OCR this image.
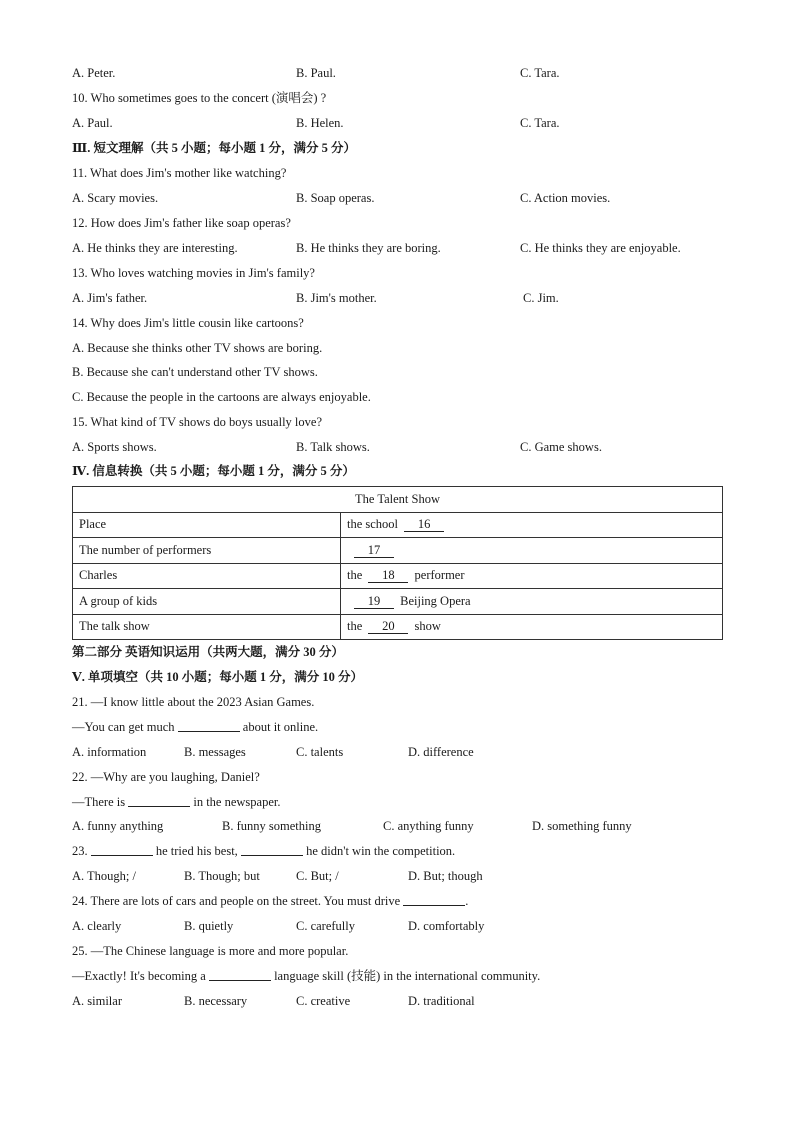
A. Peter.	B. Paul.	C. Tara.
10. Who sometimes goes to the concert (演唱会) ?
A. Paul.	B. Helen.	C. Tara.
Ⅲ. 短文理解（共 5 小题；每小题 1 分，满分 5 分）
11. What does Jim's mother like watching?
A. Scary movies.	B. Soap operas.	C. Action movies.
12. How does Jim's father like soap operas?
A. He thinks they are interesting.	B. He thinks they are boring.	C. He thinks they are enjoyable.
13. Who loves watching movies in Jim's family?
A. Jim's father.	B. Jim's mother.	C. Jim.
14. Why does Jim's little cousin like cartoons?
A. Because she thinks other TV shows are boring.
B. Because she can't understand other TV shows.
C. Because the people in the cartoons are always enjoyable.
15. What kind of TV shows do boys usually love?
A. Sports shows.	B. Talk shows.	C. Game shows.
Ⅳ. 信息转换（共 5 小题；每小题 1 分，满分 5 分）
The Talent Show	
Place	the school 16
The number of performers	17
Charles	the 18 performer
A group of kids	19 Beijing Opera
The talk show	the 20 show
第二部分 英语知识运用（共两大题，满分 30 分）
Ⅴ. 单项填空（共 10 小题；每小题 1 分，满分 10 分）
21. —I know little about the 2023 Asian Games.
—You can get much	about it online.
A. information	B. messages	C. talents	D. difference
22. —Why are you laughing, Daniel?
—There is	in the newspaper.
A. funny anything	B. funny something	C. anything funny	D. something funny
23.	he tried his best,	he didn't win the competition.
A. Though; /	B. Though; but	C. But; /	D. But; though
24. There are lots of cars and people on the street. You must drive	.
A. clearly	B. quietly	C. carefully	D. comfortably
25. —The Chinese language is more and more popular.
—Exactly! It's becoming a	language skill (技能) in the international community.
A. similar	B. necessary	C. creative	D. traditional
